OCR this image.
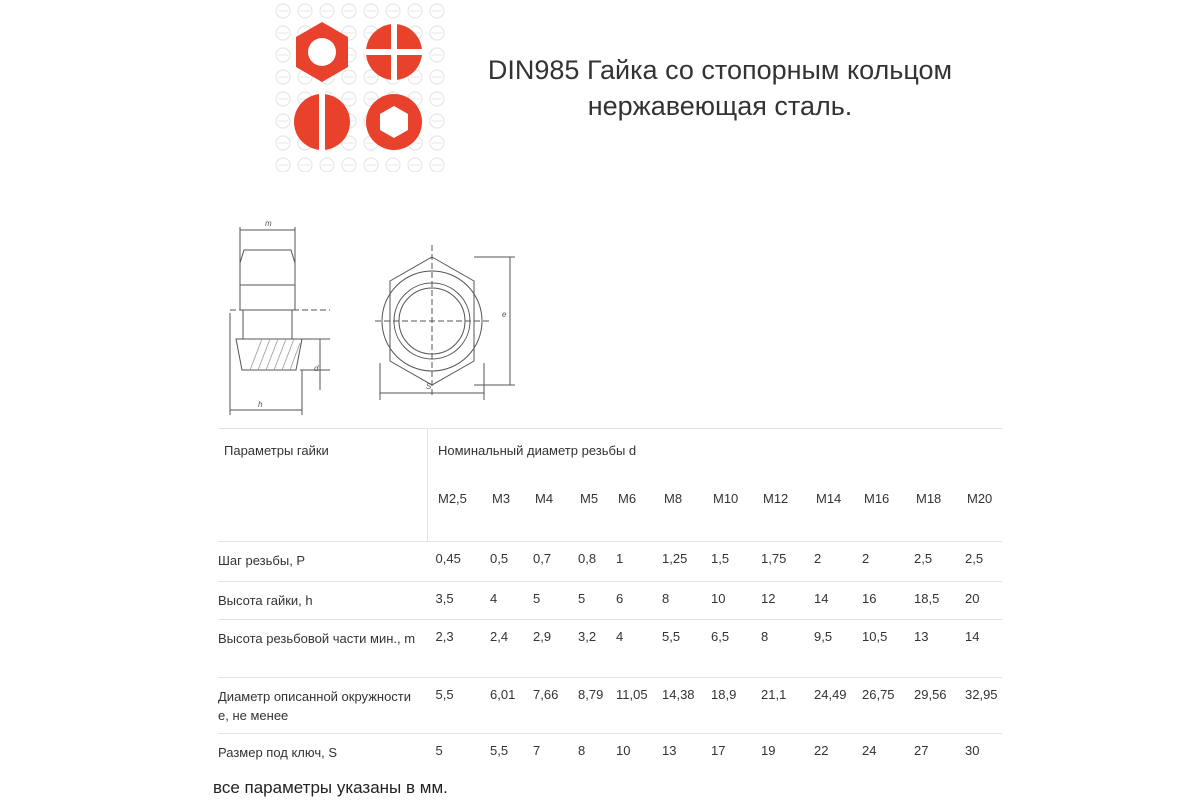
DIN985 Гайка со стопорным кольцом
нержавеющая сталь.
m
h
d
S
e
Параметры гайки	Номинальный диаметр резьбы d											
	M2,5	M3	M4	M5	M6	M8	M10	M12	M14	M16	M18	M20
Шаг резьбы, P	0,45	0,5	0,7	0,8	1	1,25	1,5	1,75	2	2	2,5	2,5
Высота гайки, h	3,5	4	5	5	6	8	10	12	14	16	18,5	20
Высота резьбовой части мин., m	2,3	2,4	2,9	3,2	4	5,5	6,5	8	9,5	10,5	13	14
Диаметр описанной окружности е, не менее	5,5	6,01	7,66	8,79	11,05	14,38	18,9	21,1	24,49	26,75	29,56	32,95
Размер под ключ, S	5	5,5	7	8	10	13	17	19	22	24	27	30
все параметры указаны в мм.
